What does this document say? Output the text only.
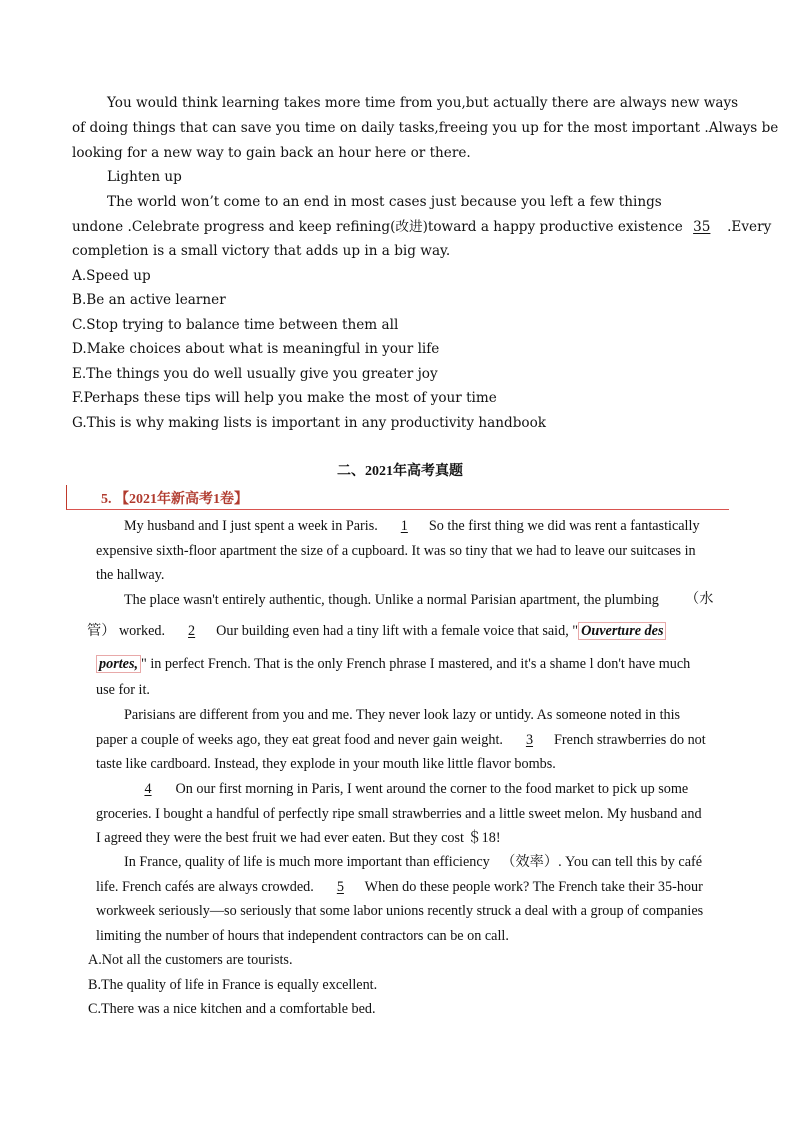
You would think learning takes more time from you,but actually there are always new ways
of doing things that can save you time on daily tasks,freeing you up for the most important .Always be
looking for a new way to gain back an hour here or there.
Lighten up
The world won’t come to an end in most cases just because you left a few things
undone .Celebrate progress and keep refining(改进)toward a happy productive existence 35 .Every
completion is a small victory that adds up in a big way.
A.Speed up
B.Be an active learner
C.Stop trying to balance time between them all
D.Make choices about what is meaningful in your life
E.The things you do well usually give you greater joy
F.Perhaps these tips will help you make the most of your time
G.This is why making lists is important in any productivity handbook
二、2021年高考真题
5. 【2021年新高考1卷】
My husband and I just spent a week in Paris. 1 So the first thing we did was rent a fantastically
expensive sixth-floor apartment the size of a cupboard. It was so tiny that we had to leave our suitcases in
the hallway.
The place wasn't entirely authentic, though. Unlike a normal Parisian apartment, the plumbing （水
管） worked. 2 Our building even had a tiny lift with a female voice that said, " Ouverture des
portes, " in perfect French. That is the only French phrase I mastered, and it's a shame l don't have much
use for it.
Parisians are different from you and me. They never look lazy or untidy. As someone noted in this
paper a couple of weeks ago, they eat great food and never gain weight. 3 French strawberries do not
taste like cardboard. Instead, they explode in your mouth like little flavor bombs.
4 On our first morning in Paris, I went around the corner to the food market to pick up some
groceries. I bought a handful of perfectly ripe small strawberries and a little sweet melon. My husband and
I agreed they were the best fruit we had ever eaten. But they cost ＄18!
In France, quality of life is much more important than efficiency （效率）. You can tell this by café
life. French cafés are always crowded. 5 When do these people work? The French take their 35-hour
workweek seriously—so seriously that some labor unions recently struck a deal with a group of companies
limiting the number of hours that independent contractors can be on call.
A.Not all the customers are tourists.
B.The quality of life in France is equally excellent.
C.There was a nice kitchen and a comfortable bed.
